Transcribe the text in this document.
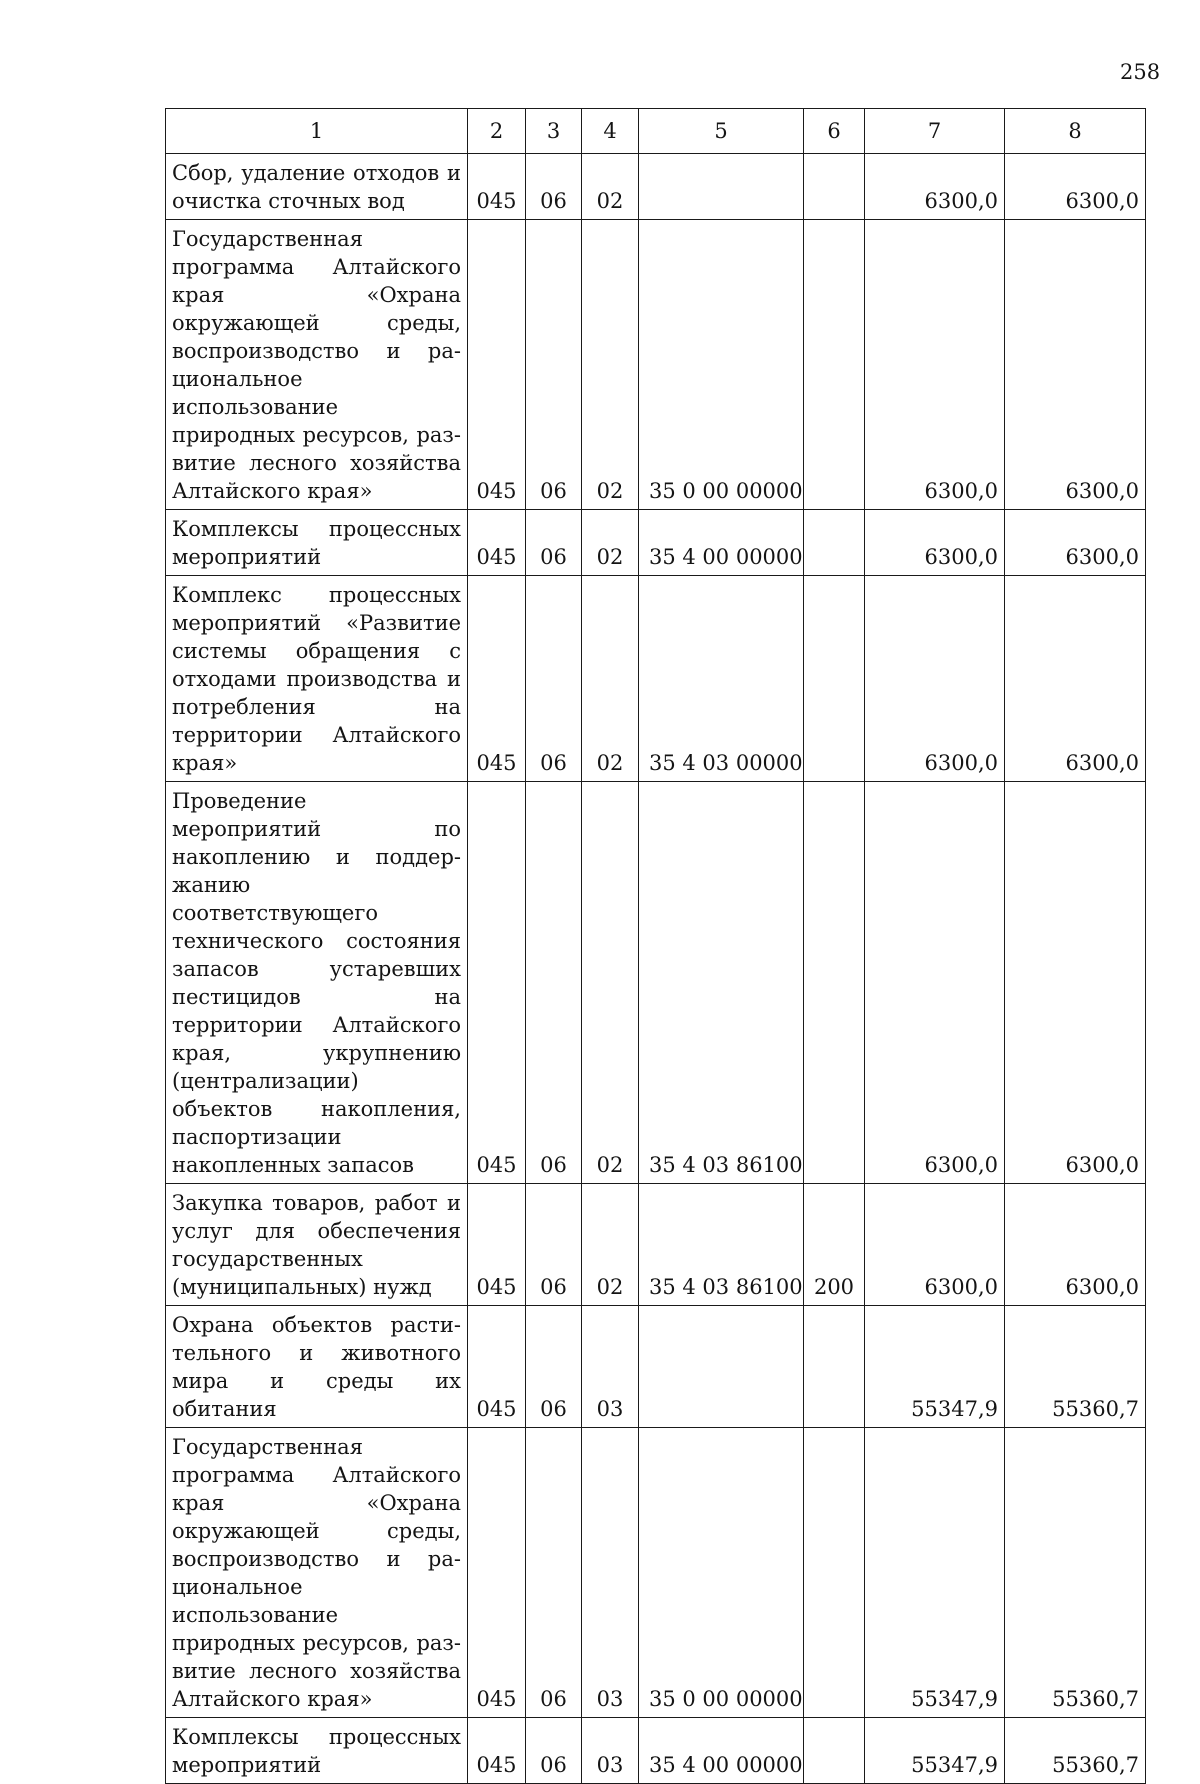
258
1	2	3	4	5	6	7	8
Сбор, удаление отходов и очистка сточных вод	045	06	02			6300,0	6300,0
Государственная программа Алтайского края «Охрана окружающей среды, воспроизводство и рациональное использование природных ресурсов, развитие лесного хозяйства Алтайского края»	045	06	02	35 0 00 00000		6300,0	6300,0
Комплексы процессных мероприятий	045	06	02	35 4 00 00000		6300,0	6300,0
Комплекс процессных мероприятий «Развитие системы обращения с отходами производства и потребления на территории Алтайского края»	045	06	02	35 4 03 00000		6300,0	6300,0
Проведение мероприятий по накоплению и поддержанию соответствующего технического состояния запасов устаревших пестицидов на территории Алтайского края, укрупнению (централизации) объектов накопления, паспортизации накопленных запасов	045	06	02	35 4 03 86100		6300,0	6300,0
Закупка товаров, работ и услуг для обеспечения государственных (муниципальных) нужд	045	06	02	35 4 03 86100	200	6300,0	6300,0
Охрана объектов растительного и животного мира и среды их обитания	045	06	03			55347,9	55360,7
Государственная программа Алтайского края «Охрана окружающей среды, воспроизводство и рациональное использование природных ресурсов, развитие лесного хозяйства Алтайского края»	045	06	03	35 0 00 00000		55347,9	55360,7
Комплексы процессных мероприятий	045	06	03	35 4 00 00000		55347,9	55360,7
